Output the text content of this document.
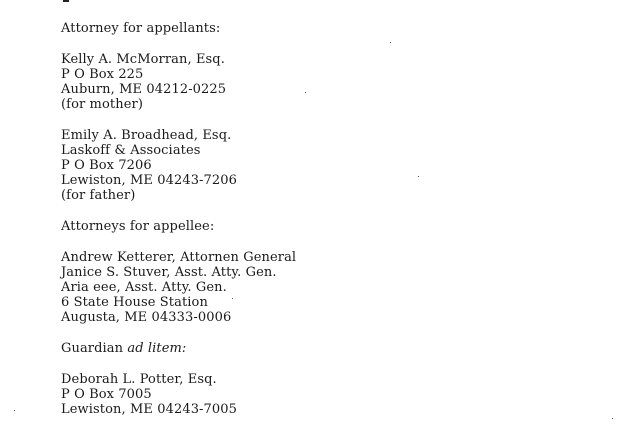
Attorney for appellants:
Kelly A. McMorran, Esq.
P O Box 225
Auburn, ME 04212-0225
(for mother)
Emily A. Broadhead, Esq.
Laskoff & Associates
P O Box 7206
Lewiston, ME 04243-7206
(for father)
Attorneys for appellee:
Andrew Ketterer, Attornen General
Janice S. Stuver, Asst. Atty. Gen.
Aria eee, Asst. Atty. Gen.
6 State House Station
Augusta, ME 04333-0006
Guardian ad litem:
Deborah L. Potter, Esq.
P O Box 7005
Lewiston, ME 04243-7005
